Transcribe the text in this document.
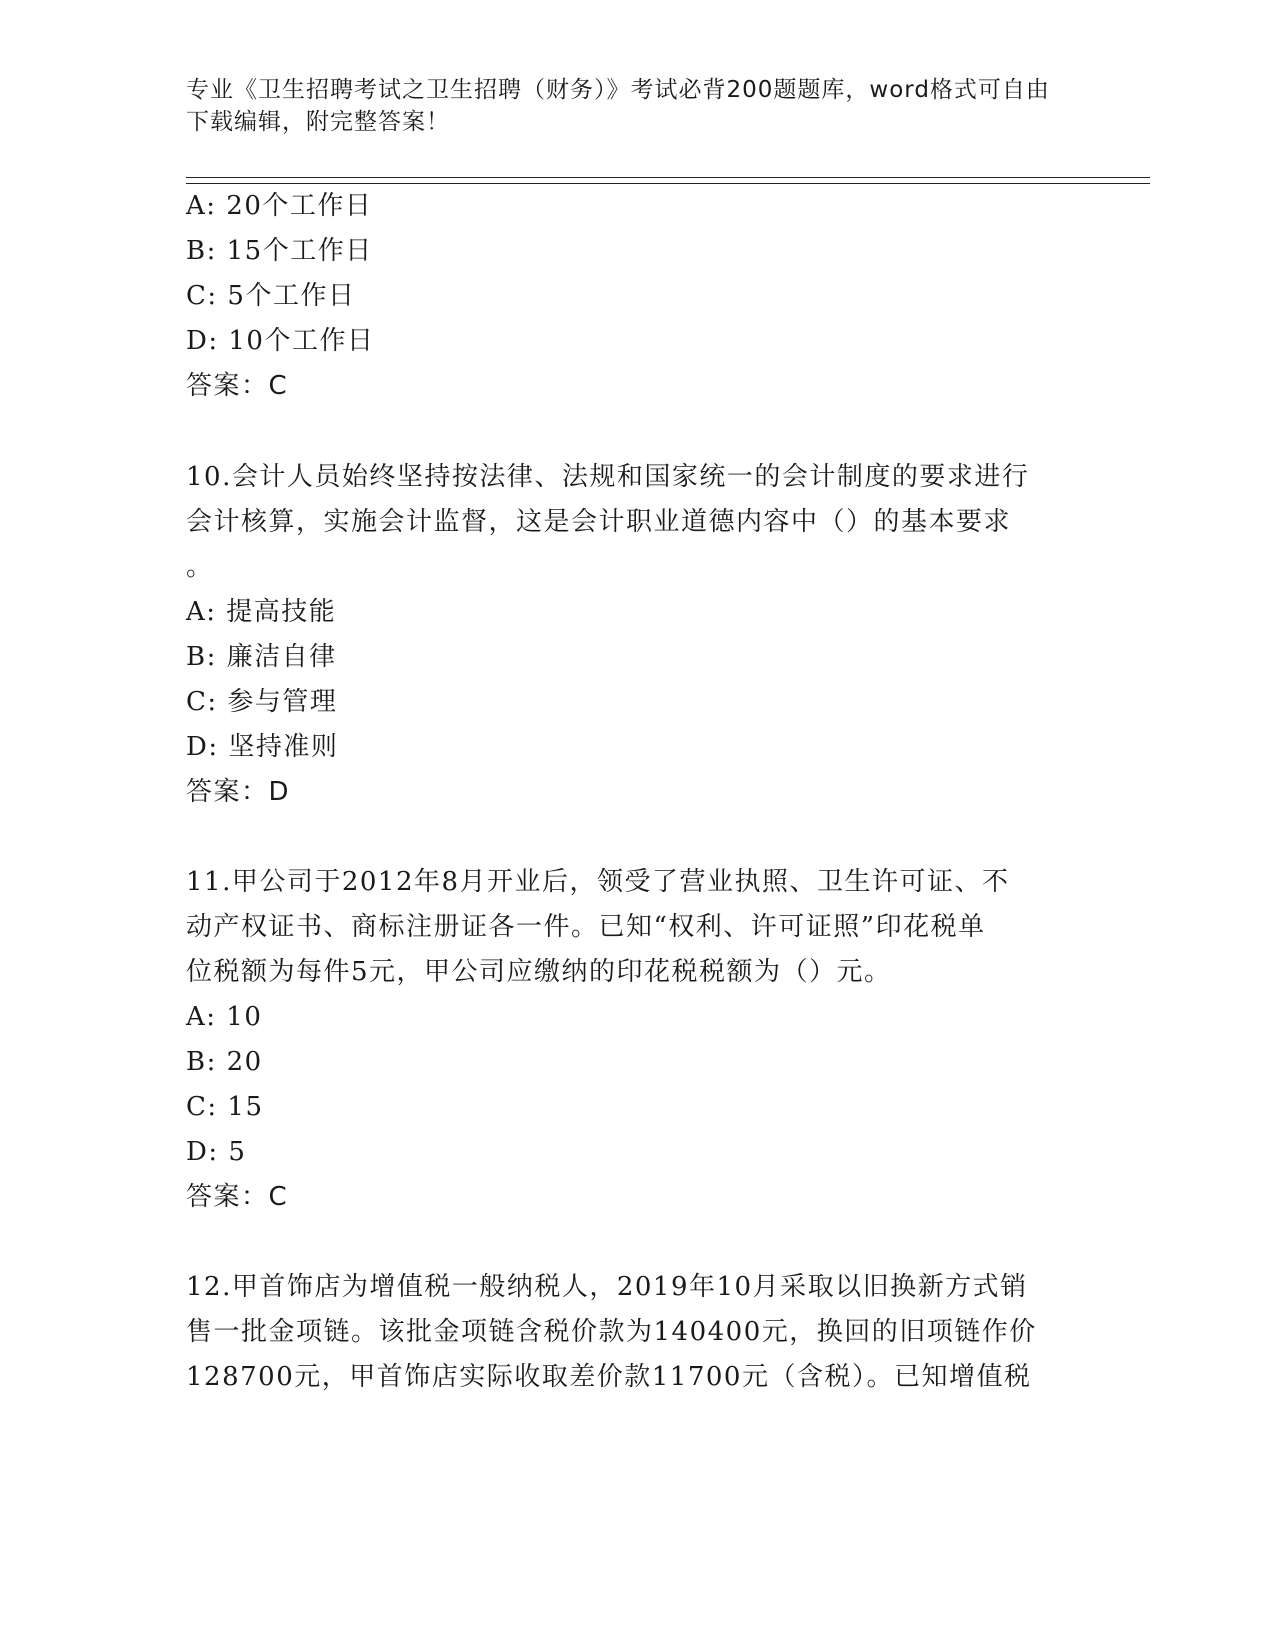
专业《卫生招聘考试之卫生招聘（财务）》考试必背200题题库，word格式可自由下载编辑，附完整答案！

A: 20个工作日

B: 15个工作日

C: 5个工作日

D: 10个工作日

答案：C

10.会计人员始终坚持按法律、法规和国家统一的会计制度的要求进行

会计核算，实施会计监督，这是会计职业道德内容中（）的基本要求

。

A: 提高技能

B: 廉洁自律

C: 参与管理

D: 坚持准则

答案：D

11.甲公司于2012年8月开业后，领受了营业执照、卫生许可证、不

动产权证书、商标注册证各一件。已知“权利、许可证照”印花税单

位税额为每件5元，甲公司应缴纳的印花税税额为（）元。

A: 10

B: 20

C: 15

D: 5

答案：C

12.甲首饰店为增值税一般纳税人，2019年10月采取以旧换新方式销

售一批金项链。该批金项链含税价款为140400元，换回的旧项链作价

128700元，甲首饰店实际收取差价款11700元（含税）。已知增值税
